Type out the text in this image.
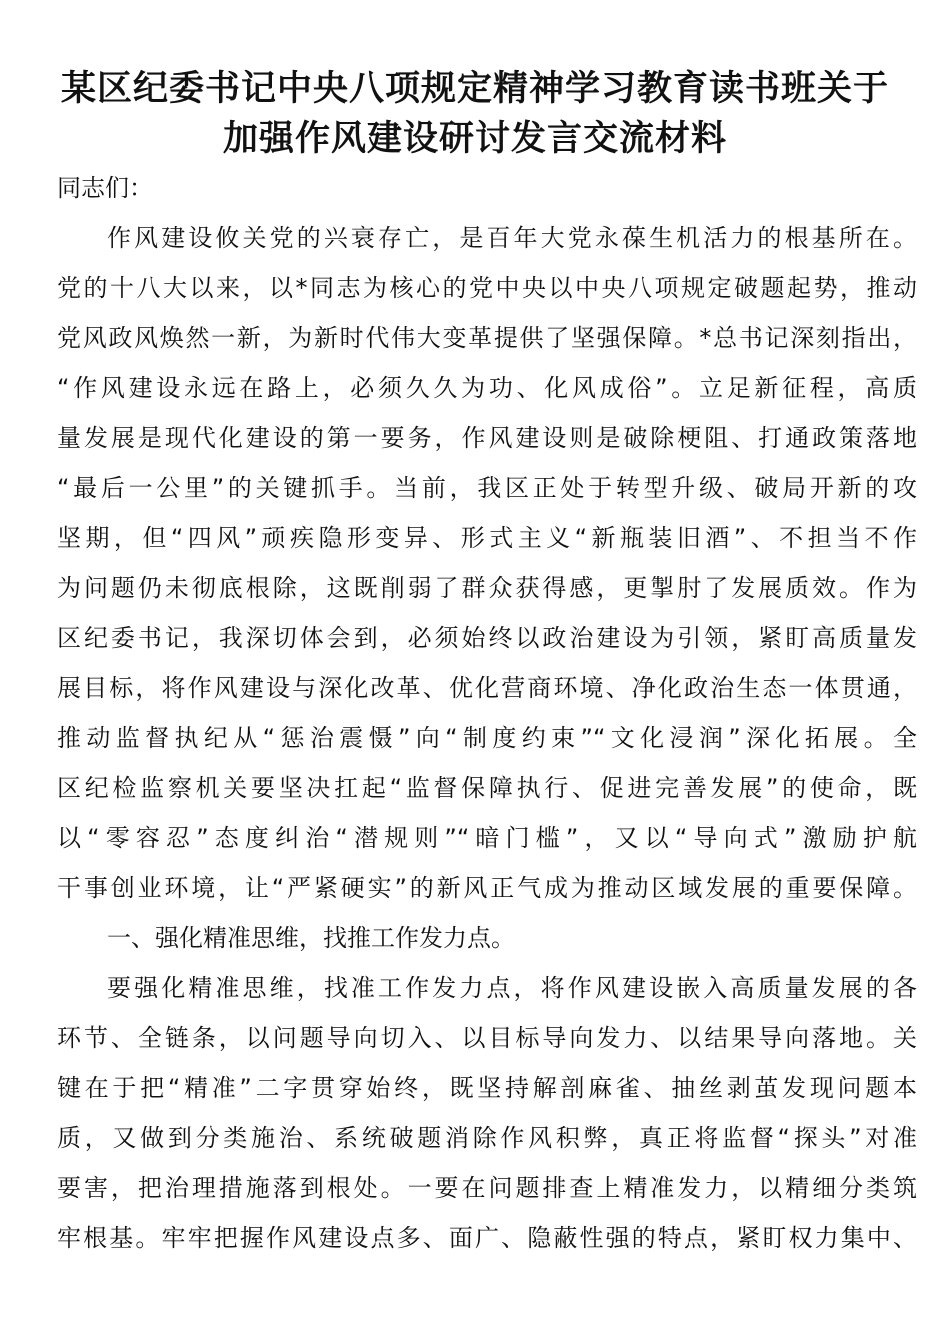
某区纪委书记中央八项规定精神学习教育读书班关于
加强作风建设研讨发言交流材料
同志们：
作风建设攸关党的兴衰存亡，是百年大党永葆生机活力的根基所在。
党的十八大以来，以*同志为核心的党中央以中央八项规定破题起势，推动
党风政风焕然一新，为新时代伟大变革提供了坚强保障。*总书记深刻指出，
“作风建设永远在路上，必须久久为功、化风成俗”。立足新征程，高质
量发展是现代化建设的第一要务，作风建设则是破除梗阻、打通政策落地
“最后一公里”的关键抓手。当前，我区正处于转型升级、破局开新的攻
坚期，但“四风”顽疾隐形变异、形式主义“新瓶装旧酒”、不担当不作
为问题仍未彻底根除，这既削弱了群众获得感，更掣肘了发展质效。作为
区纪委书记，我深切体会到，必须始终以政治建设为引领，紧盯高质量发
展目标，将作风建设与深化改革、优化营商环境、净化政治生态一体贯通，
推动监督执纪从“惩治震慑”向“制度约束”“文化浸润”深化拓展。全
区纪检监察机关要坚决扛起“监督保障执行、促进完善发展”的使命，既
以“零容忍”态度纠治“潜规则”“暗门槛”，又以“导向式”激励护航
干事创业环境，让“严紧硬实”的新风正气成为推动区域发展的重要保障。
一、强化精准思维，找推工作发力点。
要强化精准思维，找准工作发力点，将作风建设嵌入高质量发展的各
环节、全链条，以问题导向切入、以目标导向发力、以结果导向落地。关
键在于把“精准”二字贯穿始终，既坚持解剖麻雀、抽丝剥茧发现问题本
质，又做到分类施治、系统破题消除作风积弊，真正将监督“探头”对准
要害，把治理措施落到根处。一要在问题排查上精准发力，以精细分类筑
牢根基。牢牢把握作风建设点多、面广、隐蔽性强的特点，紧盯权力集中、
